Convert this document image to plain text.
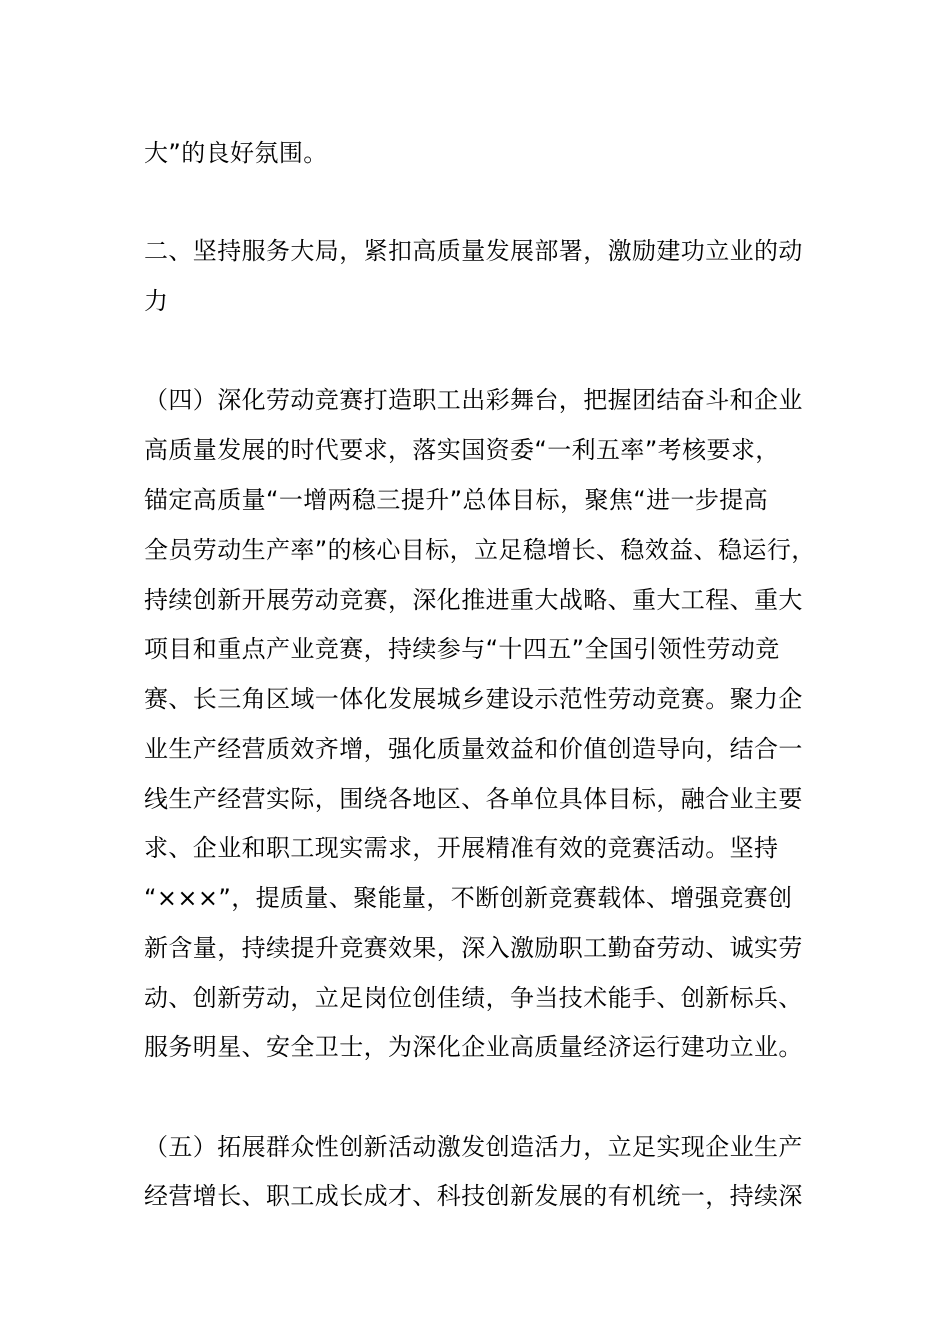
大”的良好氛围。
二、坚持服务大局，紧扣高质量发展部署，激励建功立业的动
力
（四）深化劳动竞赛打造职工出彩舞台，把握团结奋斗和企业
高质量发展的时代要求，落实国资委“一利五率”考核要求，
锚定高质量“一增两稳三提升”总体目标，聚焦“进一步提高
全员劳动生产率”的核心目标，立足稳增长、稳效益、稳运行，
持续创新开展劳动竞赛，深化推进重大战略、重大工程、重大
项目和重点产业竞赛，持续参与“十四五”全国引领性劳动竞
赛、长三角区域一体化发展城乡建设示范性劳动竞赛。聚力企
业生产经营质效齐增，强化质量效益和价值创造导向，结合一
线生产经营实际，围绕各地区、各单位具体目标，融合业主要
求、企业和职工现实需求，开展精准有效的竞赛活动。坚持
“×××”，提质量、聚能量，不断创新竞赛载体、增强竞赛创
新含量，持续提升竞赛效果，深入激励职工勤奋劳动、诚实劳
动、创新劳动，立足岗位创佳绩，争当技术能手、创新标兵、
服务明星、安全卫士，为深化企业高质量经济运行建功立业。
（五）拓展群众性创新活动激发创造活力，立足实现企业生产
经营增长、职工成长成才、科技创新发展的有机统一，持续深
